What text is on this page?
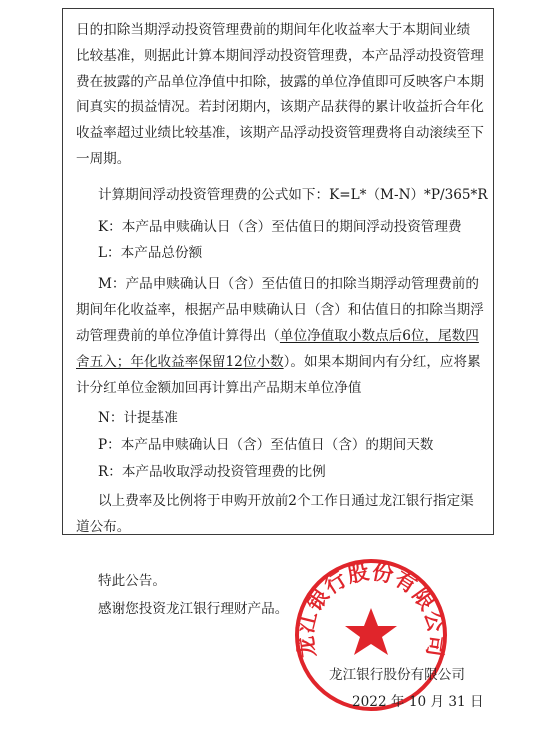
日的扣除当期浮动投资管理费前的期间年化收益率大于本期间业绩
比较基准，则据此计算本期间浮动投资管理费，本产品浮动投资管理
费在披露的产品单位净值中扣除，披露的单位净值即可反映客户本期
间真实的损益情况。若封闭期内，该期产品获得的累计收益折合年化
收益率超过业绩比较基准，该期产品浮动投资管理费将自动滚续至下
一周期。
计算期间浮动投资管理费的公式如下：K=L*（M-N）*P/365*R
K：本产品申赎确认日（含）至估值日的期间浮动投资管理费
L：本产品总份额
M：产品申赎确认日（含）至估值日的扣除当期浮动管理费前的
期间年化收益率，根据产品申赎确认日（含）和估值日的扣除当期浮
动管理费前的单位净值计算得出（单位净值取小数点后6位，尾数四
舍五入；年化收益率保留12位小数）。如果本期间内有分红，应将累
计分红单位金额加回再计算出产品期末单位净值
N：计提基准
P：本产品申赎确认日（含）至估值日（含）的期间天数
R：本产品收取浮动投资管理费的比例
以上费率及比例将于申购开放前2个工作日通过龙江银行指定渠
道公布。
特此公告。
感谢您投资龙江银行理财产品。
龙江银行股份有限公司
龙江银行股份有限公司
2022 年 10 月 31 日
